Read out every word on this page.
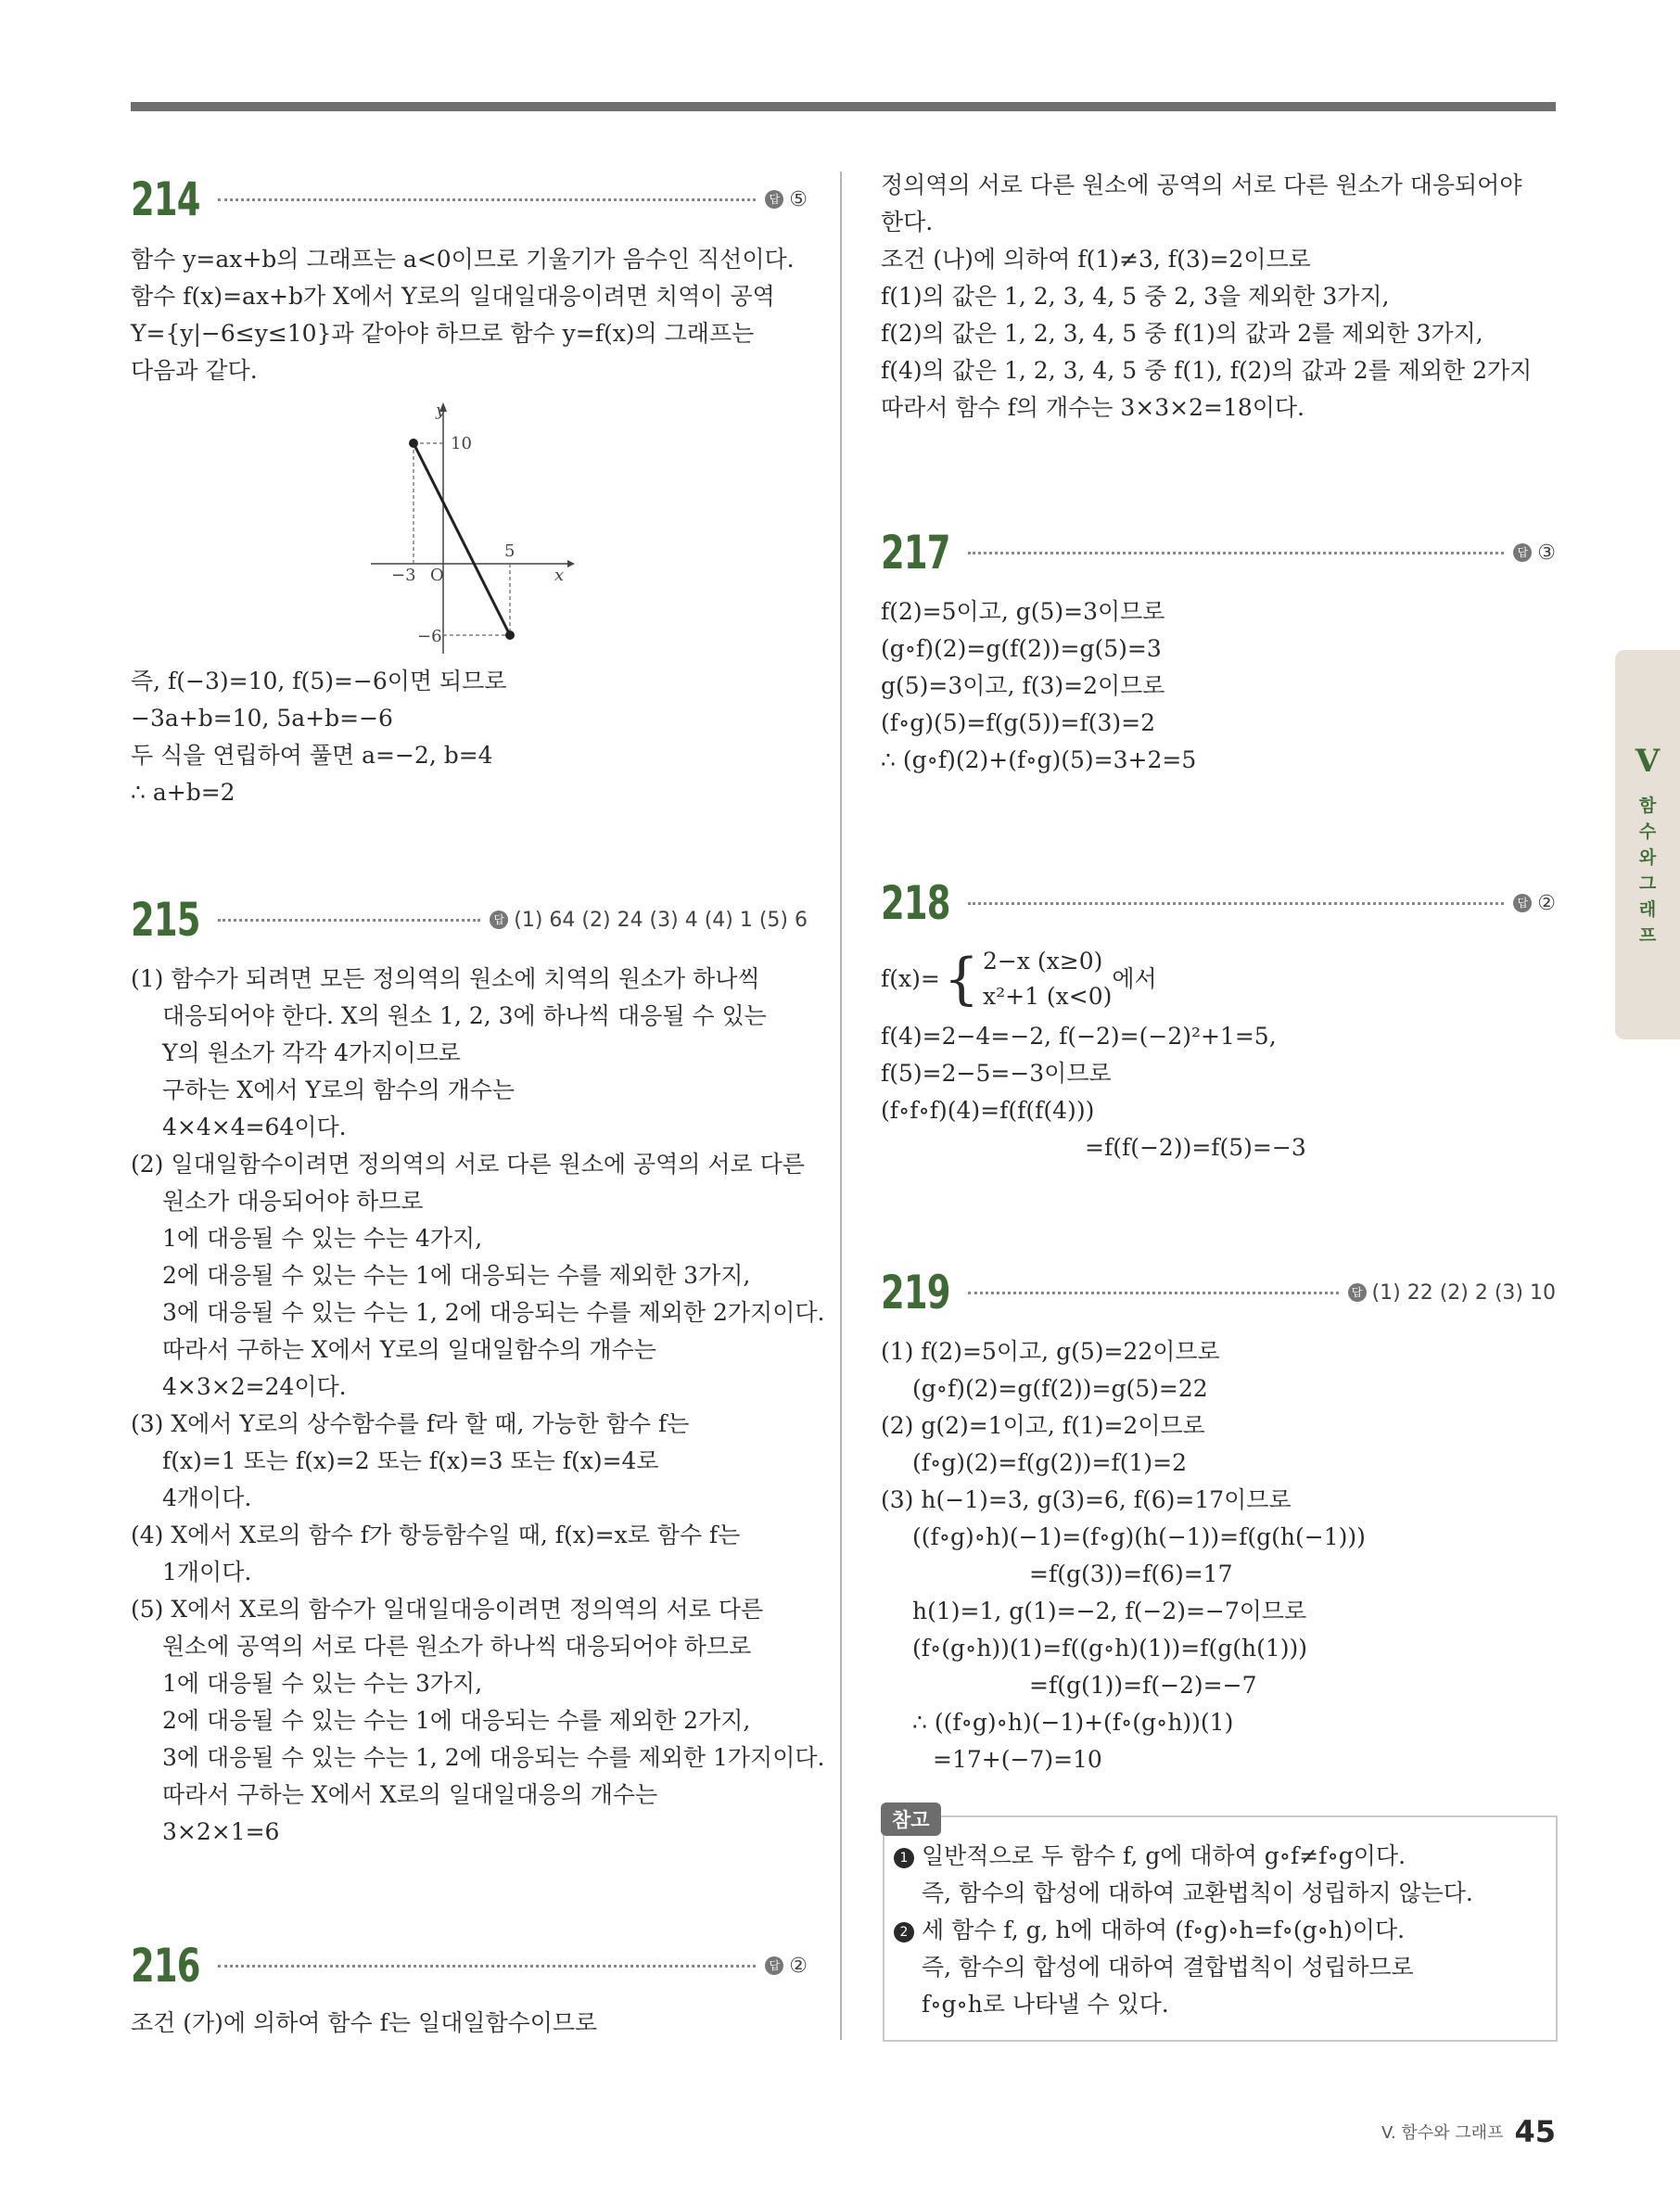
214	답 ⑤
함수 y=ax+b의 그래프는 a<0이므로 기울기가 음수인 직선이다.
함수 f(x)=ax+b가 X에서 Y로의 일대일대응이려면 치역이 공역
Y={y|−6≤y≤10}과 같아야 하므로 함수 y=f(x)의 그래프는
다음과 같다.
y
x
O
10
5
−3
−6
즉, f(−3)=10, f(5)=−6이면 되므로
−3a+b=10, 5a+b=−6
두 식을 연립하여 풀면 a=−2, b=4
∴ a+b=2
215	답 (1) 64 (2) 24 (3) 4 (4) 1 (5) 6
(1) 함수가 되려면 모든 정의역의 원소에 치역의 원소가 하나씩
대응되어야 한다. X의 원소 1, 2, 3에 하나씩 대응될 수 있는
Y의 원소가 각각 4가지이므로
구하는 X에서 Y로의 함수의 개수는
4×4×4=64이다.
(2) 일대일함수이려면 정의역의 서로 다른 원소에 공역의 서로 다른
원소가 대응되어야 하므로
1에 대응될 수 있는 수는 4가지,
2에 대응될 수 있는 수는 1에 대응되는 수를 제외한 3가지,
3에 대응될 수 있는 수는 1, 2에 대응되는 수를 제외한 2가지이다.
따라서 구하는 X에서 Y로의 일대일함수의 개수는
4×3×2=24이다.
(3) X에서 Y로의 상수함수를 f라 할 때, 가능한 함수 f는
f(x)=1 또는 f(x)=2 또는 f(x)=3 또는 f(x)=4로
4개이다.
(4) X에서 X로의 함수 f가 항등함수일 때, f(x)=x로 함수 f는
1개이다.
(5) X에서 X로의 함수가 일대일대응이려면 정의역의 서로 다른
원소에 공역의 서로 다른 원소가 하나씩 대응되어야 하므로
1에 대응될 수 있는 수는 3가지,
2에 대응될 수 있는 수는 1에 대응되는 수를 제외한 2가지,
3에 대응될 수 있는 수는 1, 2에 대응되는 수를 제외한 1가지이다.
따라서 구하는 X에서 X로의 일대일대응의 개수는
3×2×1=6
216	답 ②
조건 (가)에 의하여 함수 f는 일대일함수이므로
정의역의 서로 다른 원소에 공역의 서로 다른 원소가 대응되어야
한다.
조건 (나)에 의하여 f(1)≠3, f(3)=2이므로
f(1)의 값은 1, 2, 3, 4, 5 중 2, 3을 제외한 3가지,
f(2)의 값은 1, 2, 3, 4, 5 중 f(1)의 값과 2를 제외한 3가지,
f(4)의 값은 1, 2, 3, 4, 5 중 f(1), f(2)의 값과 2를 제외한 2가지
따라서 함수 f의 개수는 3×3×2=18이다.
217	답 ③
f(2)=5이고, g(5)=3이므로
(g∘f)(2)=g(f(2))=g(5)=3
g(5)=3이고, f(3)=2이므로
(f∘g)(5)=f(g(5))=f(3)=2
∴ (g∘f)(2)+(f∘g)(5)=3+2=5
218	답 ②
f(x)= { 2−x (x≥0)
x²+1 (x<0)
에서
f(4)=2−4=−2, f(−2)=(−2)²+1=5,
f(5)=2−5=−3이므로
(f∘f∘f)(4)=f(f(f(4)))
=f(f(−2))=f(5)=−3
219	답 (1) 22 (2) 2 (3) 10
(1) f(2)=5이고, g(5)=22이므로
(g∘f)(2)=g(f(2))=g(5)=22
(2) g(2)=1이고, f(1)=2이므로
(f∘g)(2)=f(g(2))=f(1)=2
(3) h(−1)=3, g(3)=6, f(6)=17이므로
((f∘g)∘h)(−1)=(f∘g)(h(−1))=f(g(h(−1)))
=f(g(3))=f(6)=17
h(1)=1, g(1)=−2, f(−2)=−7이므로
(f∘(g∘h))(1)=f((g∘h)(1))=f(g(h(1)))
=f(g(1))=f(−2)=−7
∴ ((f∘g)∘h)(−1)+(f∘(g∘h))(1)
=17+(−7)=10
1 일반적으로 두 함수 f, g에 대하여 g∘f≠f∘g이다.
즉, 함수의 합성에 대하여 교환법칙이 성립하지 않는다.
2 세 함수 f, g, h에 대하여 (f∘g)∘h=f∘(g∘h)이다.
즉, 함수의 합성에 대하여 결합법칙이 성립하므로
f∘g∘h로 나타낼 수 있다.
참고
V
함
수
와
그
래
프
V. 함수와 그래프 45
